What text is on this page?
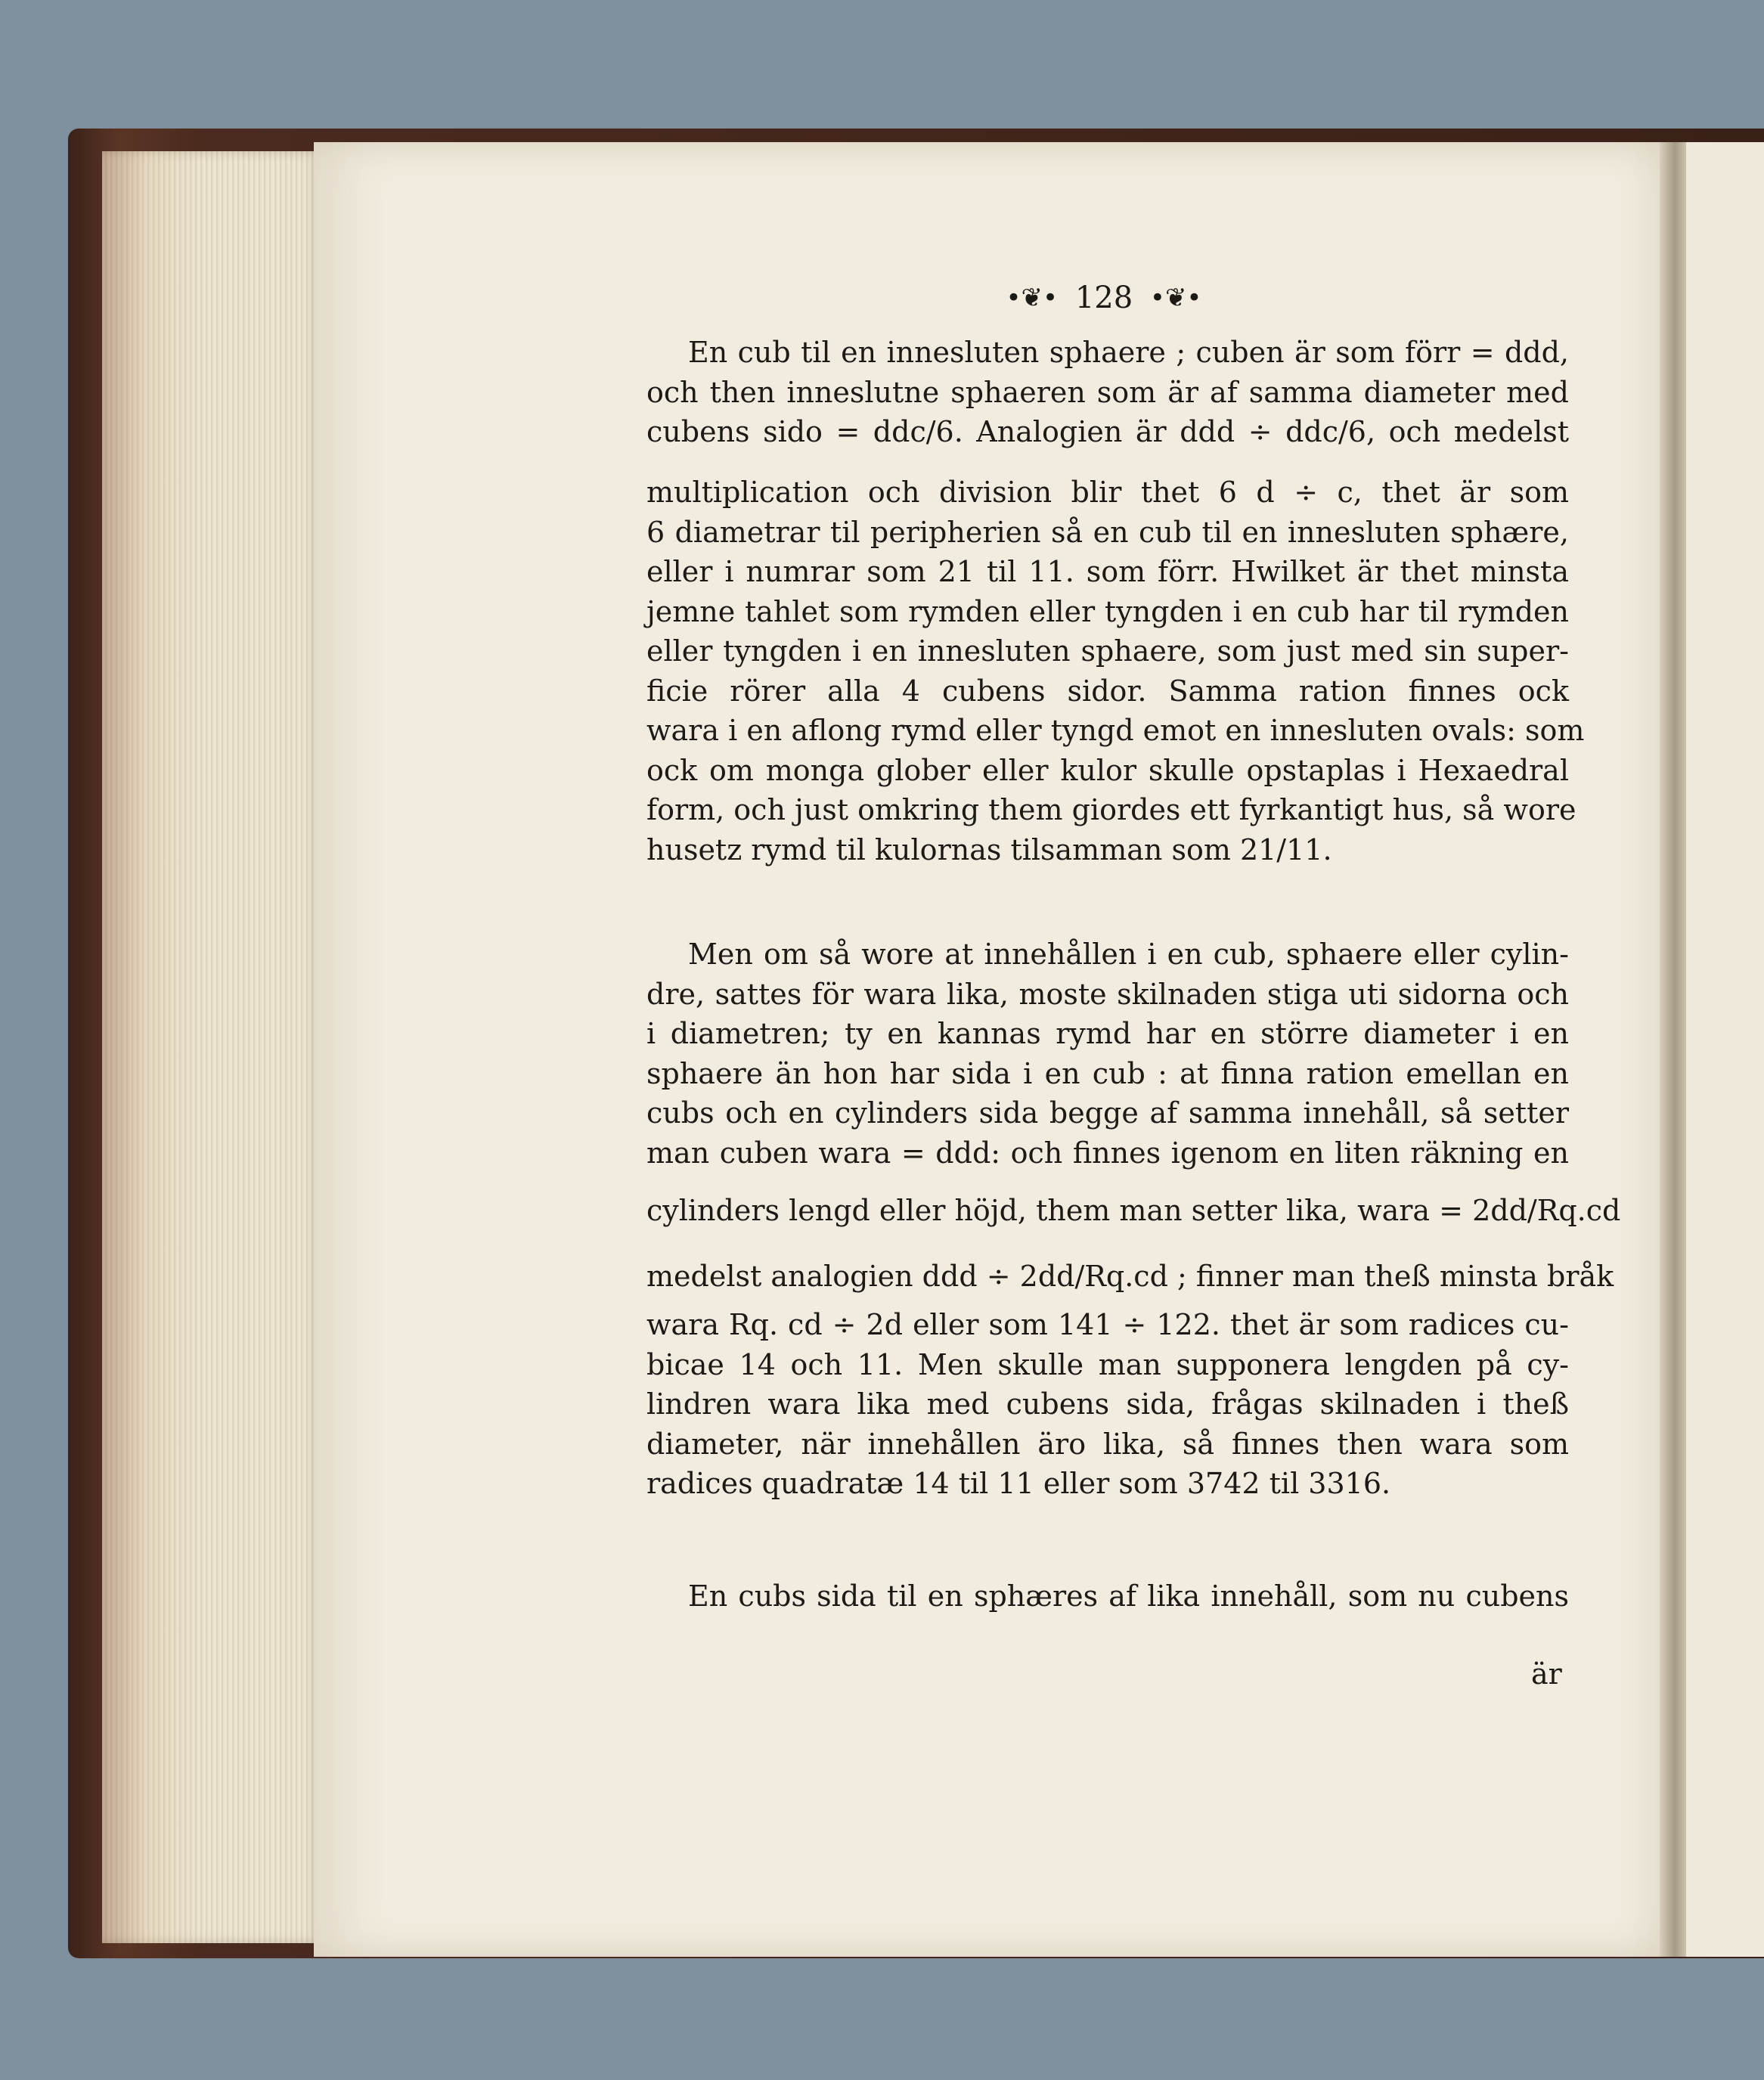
•❦• 128 •❦•
En cub til en innesluten sphaere ; cuben är som förr = ddd,
och then inneslutne sphaeren som är af samma diameter med
cubens sido = ddc/6. Analogien är ddd ÷ ddc/6, och medelst
multiplication och division blir thet 6 d ÷ c, thet är som
6 diametrar til peripherien så en cub til en innesluten sphære,
eller i numrar som 21 til 11. som förr. Hwilket är thet minsta
jemne tahlet som rymden eller tyngden i en cub har til rymden
eller tyngden i en innesluten sphaere, som just med sin super-
ficie rörer alla 4 cubens sidor. Samma ration finnes ock
wara i en aflong rymd eller tyngd emot en innesluten ovals: som
ock om monga glober eller kulor skulle opstaplas i Hexaedral
form, och just omkring them giordes ett fyrkantigt hus, så wore
husetz rymd til kulornas tilsamman som 21/11.
Men om så wore at innehållen i en cub, sphaere eller cylin-
dre, sattes för wara lika, moste skilnaden stiga uti sidorna och
i diametren; ty en kannas rymd har en större diameter i en
sphaere än hon har sida i en cub : at finna ration emellan en
cubs och en cylinders sida begge af samma innehåll, så setter
man cuben wara = ddd: och finnes igenom en liten räkning en
cylinders lengd eller höjd, them man setter lika, wara = 2dd/Rq.cd
medelst analogien ddd ÷ 2dd/Rq.cd ; finner man theß minsta bråk
wara Rq. cd ÷ 2d eller som 141 ÷ 122. thet är som radices cu-
bicae 14 och 11. Men skulle man supponera lengden på cy-
lindren wara lika med cubens sida, frågas skilnaden i theß
diameter, när innehållen äro lika, så finnes then wara som
radices quadratæ 14 til 11 eller som 3742 til 3316.
En cubs sida til en sphæres af lika innehåll, som nu cubens
är
